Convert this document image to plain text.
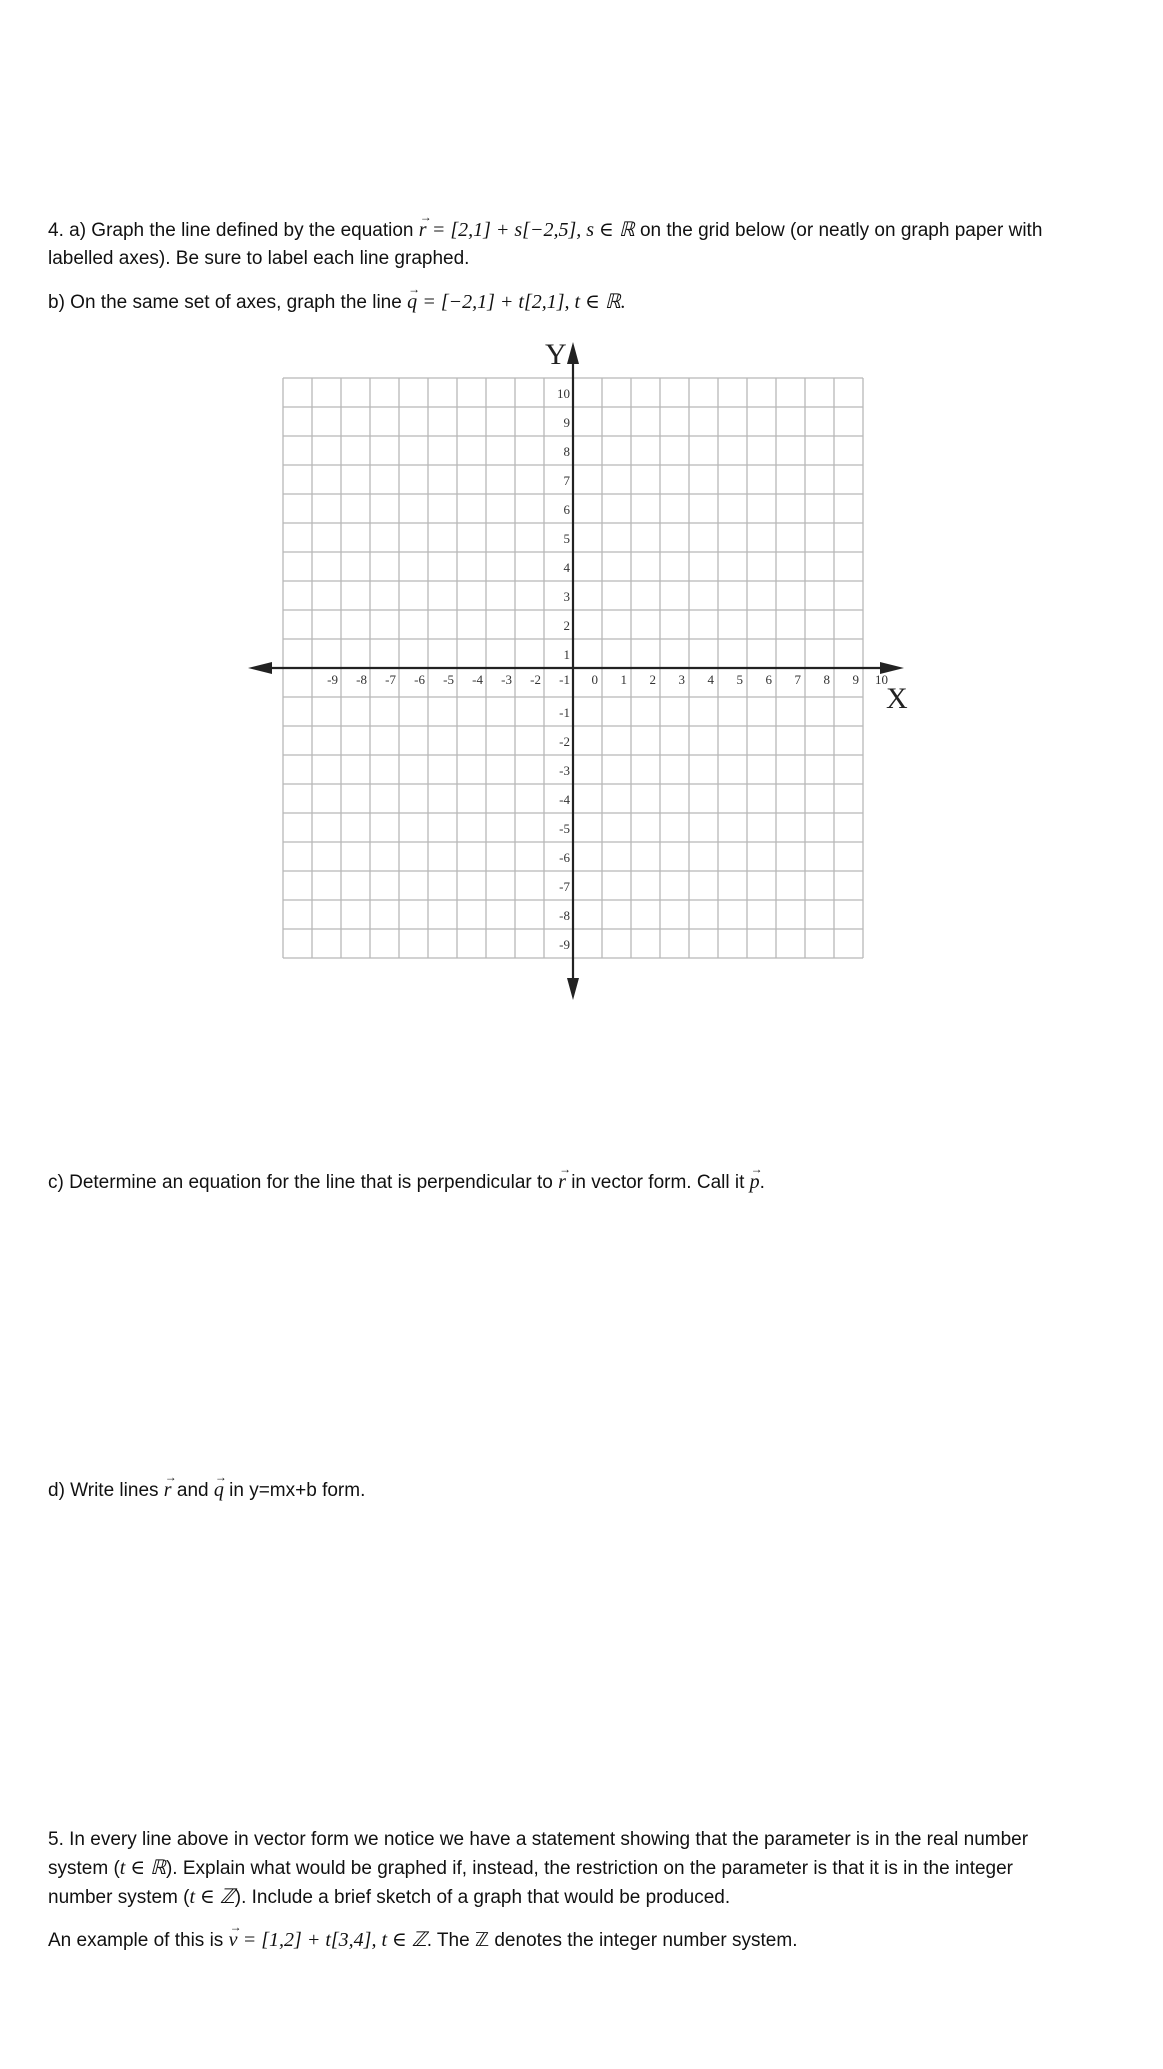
4. a) Graph the line defined by the equation → r = [2,1] + s[−2,5], s ∈ ℝ on the grid below (or neatly on graph paper with
labelled axes). Be sure to label each line graphed.

b) On the same set of axes, graph the line → q = [−2,1] + t[2,1], t ∈ ℝ.

-9 -8 -7 -6 -5 -4 -3 -2 -1 0 1 2 3 4 5 6 7 8 9 10
10
9
8
7
6
5
4
3
2
1
-1
-2
-3
-4
-5
-6
-7
-8
-9
X
Y

c) Determine an equation for the line that is perpendicular to → r in vector form. Call it → p.

d) Write lines → r and → q in y=mx+b form.

5. In every line above in vector form we notice we have a statement showing that the parameter is in the real number
system (t ∈ ℝ). Explain what would be graphed if, instead, the restriction on the parameter is that it is in the integer
number system (t ∈ ℤ). Include a brief sketch of a graph that would be produced.

An example of this is → v = [1,2] + t[3,4], t ∈ ℤ. The ℤ denotes the integer number system.
